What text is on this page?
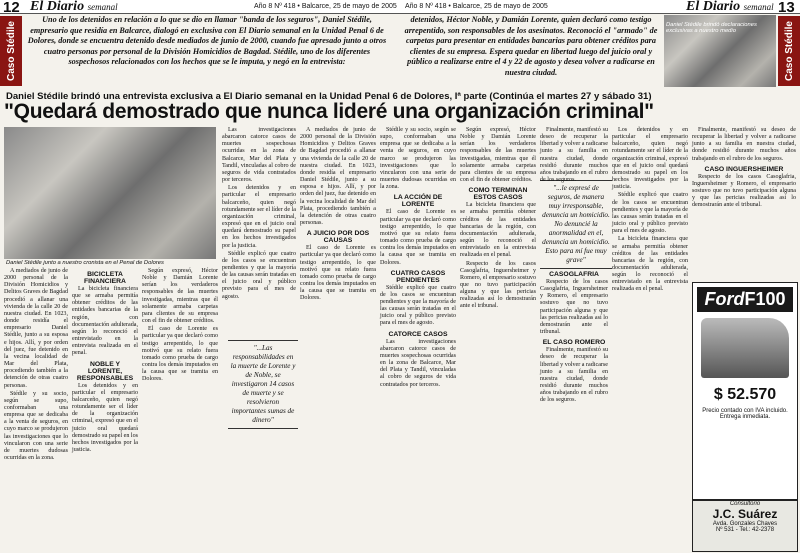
12 El Diario semanal	Año 8 Nº 418 • Balcarce, 25 de mayo de 2005 Año 8 Nº 418 • Balcarce, 25 de mayo de 2005	El Diario semanal 13
Caso Stédile	Caso Stédile
Uno de los detenidos en relación a lo que se dio en llamar "banda de los seguros", Daniel Stédile, empresario que residía en Balcarce, dialogó en exclusiva con El Diario semanal en la Unidad Penal 6 de Dolores, donde se encuentra detenido desde mediados de junio de 2000, cuando fue apresado junto a otros cuatro personas por personal de la División Homicidios de Bagdad. Stédile, uno de los diferentes sospechosos relacionados con los hechos que se le imputa, y negó en la entrevista:
detenidos, Héctor Noble, y Damián Lorente, quien declaró como testigo arrepentido, son responsables de los asesinatos. Reconoció el "armado" de carpetas para presentar en entidades bancarias para obtener créditos para clientes de su empresa. Espera quedar en libertad luego del juicio oral y público a realizarse entre el 4 y 22 de agosto y desea volver a radicarse en nuestra ciudad.
Daniel Stédile brindó declaraciones exclusivas a nuestro medio
Daniel Stédile brindó una entrevista exclusiva a El Diario semanal en la Unidad Penal 6 de Dolores, Iª parte (Continúa el martes 27 y sábado 31)
"Quedará demostrado que nunca lideré una organización criminal"
Daniel Stédile junto a nuestro cronista en el Penal de Dolores

A mediados de junio de 2000 personal de la División Homicidios y Delitos Graves de Bagdad procedió a allanar una vivienda de la calle 20 de nuestra ciudad. En 1023, donde residía el empresario Daniel Stédile, junto a su esposa e hijos. Allí, y por orden del juez, fue detenido en la vecina localidad de Mar del Plata, procediendo también a la detención de otras cuatro personas.

Stédile y su socio, según se supo, conformaban una empresa que se dedicaba a la venta de seguros, en cuyo marco se produjeron las investigaciones que lo vincularon con una serie de muertes dudosas ocurridas en la zona.

BICICLETA FINANCIERA

La bicicleta financiera que se armaba permitía obtener créditos de las entidades bancarias de la región, con documentación adulterada, según lo reconoció el entrevistado en la entrevista realizada en el penal.

NOBLE Y LORENTE, RESPONSABLES

Los detenidos y en particular el empresario balcarceño, quien negó rotundamente ser el líder de la organización criminal, expresó que en el juicio oral quedará demostrado su papel en los hechos investigados por la justicia.

Según expresó, Héctor Noble y Damián Lorente serían los verdaderos responsables de las muertes investigadas, mientras que él solamente armaba carpetas para clientes de su empresa con el fin de obtener créditos.

El caso de Lorente es particular ya que declaró como testigo arrepentido, lo que motivó que su relato fuera tomado como prueba de cargo contra los demás imputados en la causa que se tramita en Dolores.

Las investigaciones abarcaron catorce casos de muertes sospechosas ocurridas en la zona de Balcarce, Mar del Plata y Tandil, vinculadas al cobro de seguros de vida contratados por terceros.

Los detenidos y en particular el empresario balcarceño, quien negó rotundamente ser el líder de la organización criminal, expresó que en el juicio oral quedará demostrado su papel en los hechos investigados por la justicia.

Stédile explicó que cuatro de los casos se encuentran pendientes y que la mayoría de las causas serán tratadas en el juicio oral y público previsto para el mes de agosto.

A mediados de junio de 2000 personal de la División Homicidios y Delitos Graves de Bagdad procedió a allanar una vivienda de la calle 20 de nuestra ciudad. En 1023, donde residía el empresario Daniel Stédile, junto a su esposa e hijos. Allí, y por orden del juez, fue detenido en la vecina localidad de Mar del Plata, procediendo también a la detención de otras cuatro personas.

A JUICIO POR DOS CAUSAS

El caso de Lorente es particular ya que declaró como testigo arrepentido, lo que motivó que su relato fuera tomado como prueba de cargo contra los demás imputados en la causa que se tramita en Dolores.

"...Las responsabilidades en la muerte de Lorente y de Noble, se investigaron 14 casos de muerte y se resolvieron importantes sumas de dinero"

Stédile y su socio, según se supo, conformaban una empresa que se dedicaba a la venta de seguros, en cuyo marco se produjeron las investigaciones que lo vincularon con una serie de muertes dudosas ocurridas en la zona.

LA ACCIÓN DE LORENTE

El caso de Lorente es particular ya que declaró como testigo arrepentido, lo que motivó que su relato fuera tomado como prueba de cargo contra los demás imputados en la causa que se tramita en Dolores.

CUATRO CASOS PENDIENTES

Stédile explicó que cuatro de los casos se encuentran pendientes y que la mayoría de las causas serán tratadas en el juicio oral y público previsto para el mes de agosto.

CATORCE CASOS

Las investigaciones abarcaron catorce casos de muertes sospechosas ocurridas en la zona de Balcarce, Mar del Plata y Tandil, vinculadas al cobro de seguros de vida contratados por terceros.

Según expresó, Héctor Noble y Damián Lorente serían los verdaderos responsables de las muertes investigadas, mientras que él solamente armaba carpetas para clientes de su empresa con el fin de obtener créditos.

COMO TERMINAN ESTOS CASOS

La bicicleta financiera que se armaba permitía obtener créditos de las entidades bancarias de la región, con documentación adulterada, según lo reconoció el entrevistado en la entrevista realizada en el penal.

Respecto de los casos Casoglafria, Inguersheimer y Romero, el empresario sostuvo que no tuvo participación alguna y que las pericias realizadas así lo demostrarán ante el tribunal.

"...le expresé de seguros, de manera muy irresponsable, denuncia un homicidio. No denuncié la anormalidad en el, denuncia un homicidio. Esto para mí fue muy grave"

Finalmente, manifestó su deseo de recuperar la libertad y volver a radicarse junto a su familia en nuestra ciudad, donde residió durante muchos años trabajando en el rubro de los seguros.

CASOGLAFRIA

Respecto de los casos Casoglafria, Inguersheimer y Romero, el empresario sostuvo que no tuvo participación alguna y que las pericias realizadas así lo demostrarán ante el tribunal.

EL CASO ROMERO

Finalmente, manifestó su deseo de recuperar la libertad y volver a radicarse junto a su familia en nuestra ciudad, donde residió durante muchos años trabajando en el rubro de los seguros.

Los detenidos y en particular el empresario balcarceño, quien negó rotundamente ser el líder de la organización criminal, expresó que en el juicio oral quedará demostrado su papel en los hechos investigados por la justicia.

Stédile explicó que cuatro de los casos se encuentran pendientes y que la mayoría de las causas serán tratadas en el juicio oral y público previsto para el mes de agosto.

La bicicleta financiera que se armaba permitía obtener créditos de las entidades bancarias de la región, con documentación adulterada, según lo reconoció el entrevistado en la entrevista realizada en el penal.

Finalmente, manifestó su deseo de recuperar la libertad y volver a radicarse junto a su familia en nuestra ciudad, donde residió durante muchos años trabajando en el rubro de los seguros.

CASO INGUERSHEIMER

Respecto de los casos Casoglafria, Inguersheimer y Romero, el empresario sostuvo que no tuvo participación alguna y que las pericias realizadas así lo demostrarán ante el tribunal.

FordF100
$ 52.570
Precio contado con IVA incluido. Entrega inmediata.
Consultorio
J.C. Suárez
Avda. Gonzales Chaves
Nº 531 - Tel.: 42-2378
